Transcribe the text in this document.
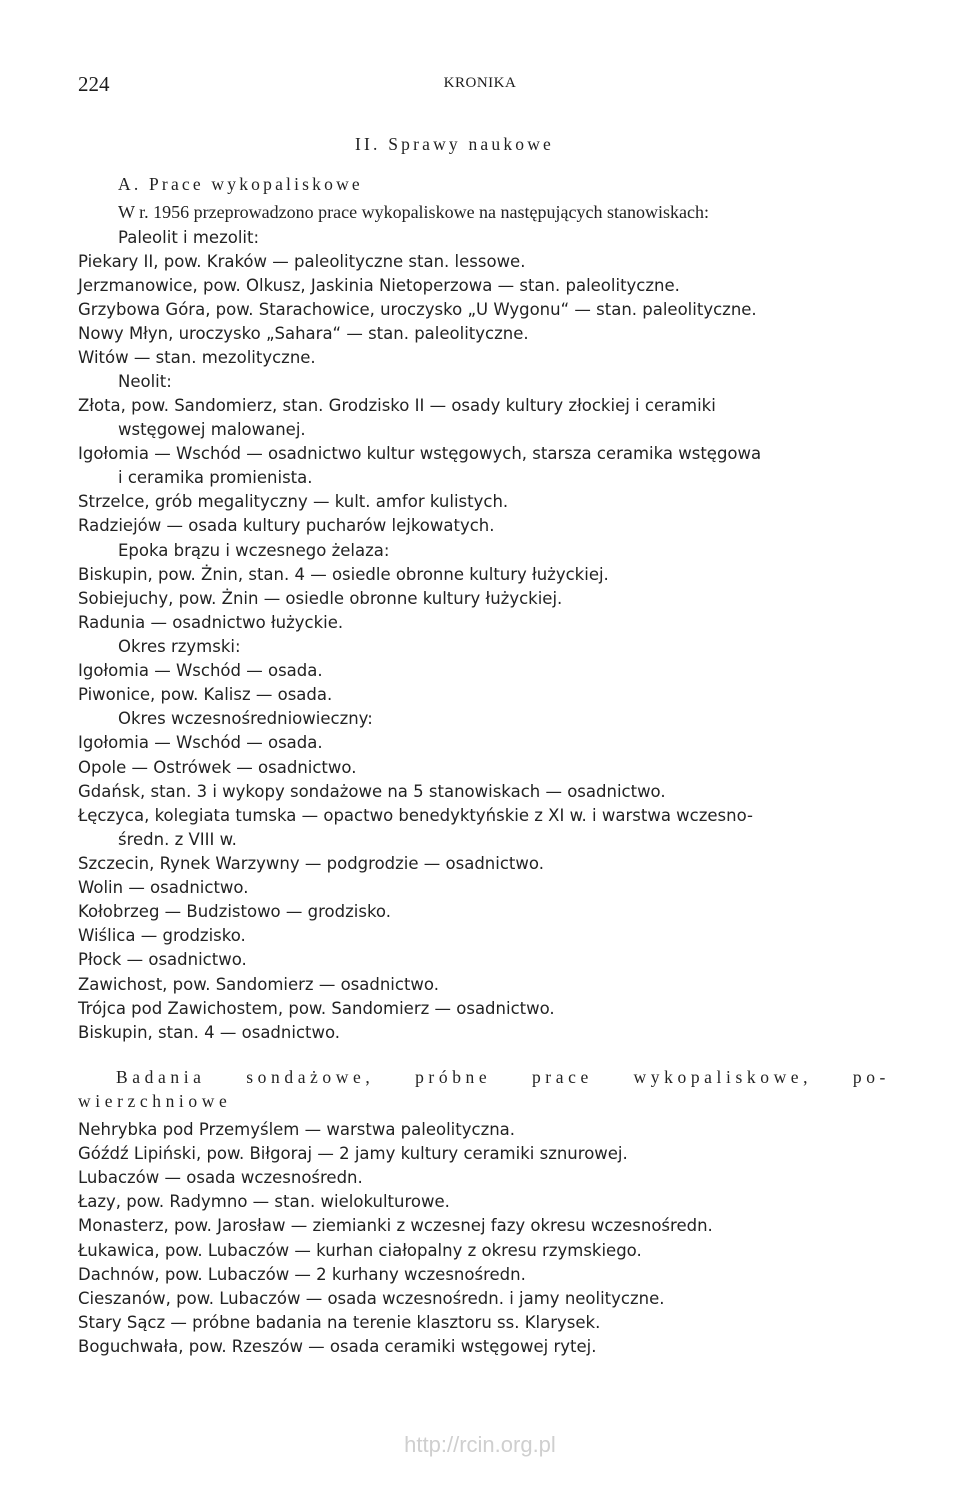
224	KRONIKA
II. Sprawy naukowe
A. Prace wykopaliskowe
W r. 1956 przeprowadzono prace wykopaliskowe na następujących stanowiskach:
Paleolit i mezolit:
Piekary II, pow. Kraków — paleolityczne stan. lessowe.
Jerzmanowice, pow. Olkusz, Jaskinia Nietoperzowa — stan. paleolityczne.
Grzybowa Góra, pow. Starachowice, uroczysko „U Wygonu“ — stan. paleolityczne.
Nowy Młyn, uroczysko „Sahara“ — stan. paleolityczne.
Witów — stan. mezolityczne.
Neolit:
Złota, pow. Sandomierz, stan. Grodzisko II — osady kultury złockiej i ceramiki
wstęgowej malowanej.
Igołomia — Wschód — osadnictwo kultur wstęgowych, starsza ceramika wstęgowa
i ceramika promienista.
Strzelce, grób megalityczny — kult. amfor kulistych.
Radziejów — osada kultury pucharów lejkowatych.
Epoka brązu i wczesnego żelaza:
Biskupin, pow. Żnin, stan. 4 — osiedle obronne kultury łużyckiej.
Sobiejuchy, pow. Żnin — osiedle obronne kultury łużyckiej.
Radunia — osadnictwo łużyckie.
Okres rzymski:
Igołomia — Wschód — osada.
Piwonice, pow. Kalisz — osada.
Okres wczesnośredniowieczny:
Igołomia — Wschód — osada.
Opole — Ostrówek — osadnictwo.
Gdańsk, stan. 3 i wykopy sondażowe na 5 stanowiskach — osadnictwo.
Łęczyca, kolegiata tumska — opactwo benedyktyńskie z XI w. i warstwa wczesno-
średn. z VIII w.
Szczecin, Rynek Warzywny — podgrodzie — osadnictwo.
Wolin — osadnictwo.
Kołobrzeg — Budzistowo — grodzisko.
Wiślica — grodzisko.
Płock — osadnictwo.
Zawichost, pow. Sandomierz — osadnictwo.
Trójca pod Zawichostem, pow. Sandomierz — osadnictwo.
Biskupin, stan. 4 — osadnictwo.
Badania sondażowe, próbne prace wykopaliskowe, po-
wierzchniowe
Nehrybka pod Przemyślem — warstwa paleolityczna.
Góźdź Lipiński, pow. Biłgoraj — 2 jamy kultury ceramiki sznurowej.
Lubaczów — osada wczesnośredn.
Łazy, pow. Radymno — stan. wielokulturowe.
Monasterz, pow. Jarosław — ziemianki z wczesnej fazy okresu wczesnośredn.
Łukawica, pow. Lubaczów — kurhan ciałopalny z okresu rzymskiego.
Dachnów, pow. Lubaczów — 2 kurhany wczesnośredn.
Cieszanów, pow. Lubaczów — osada wczesnośredn. i jamy neolityczne.
Stary Sącz — próbne badania na terenie klasztoru ss. Klarysek.
Boguchwała, pow. Rzeszów — osada ceramiki wstęgowej rytej.
http://rcin.org.pl
